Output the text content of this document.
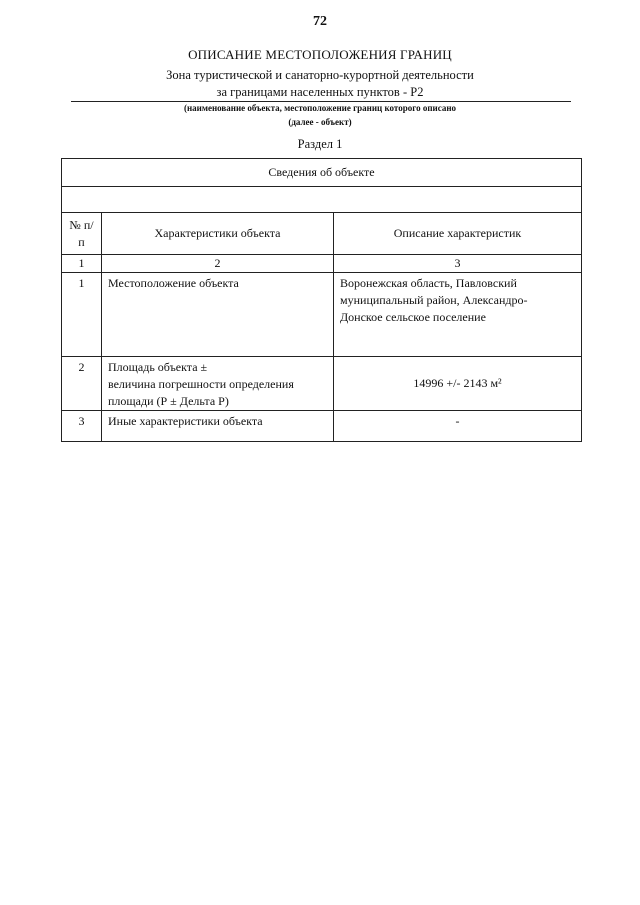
72
ОПИСАНИЕ МЕСТОПОЛОЖЕНИЯ ГРАНИЦ
Зона туристической и санаторно-курортной деятельности
за границами населенных пунктов - Р2
(наименование объекта, местоположение границ которого описано
(далее - объект)
Раздел 1
Сведения об объекте		

№ п/п	Характеристики объекта	Описание характеристик
1	2	3
1	Местоположение объекта	Воронежская область, Павловский
муниципальный район, Александро-
Донское сельское поселение

2	Площадь объекта ±
величина погрешности определения
площади (Р ± Дельта Р)	14996 +/- 2143 м²

3	Иные характеристики объекта	-
